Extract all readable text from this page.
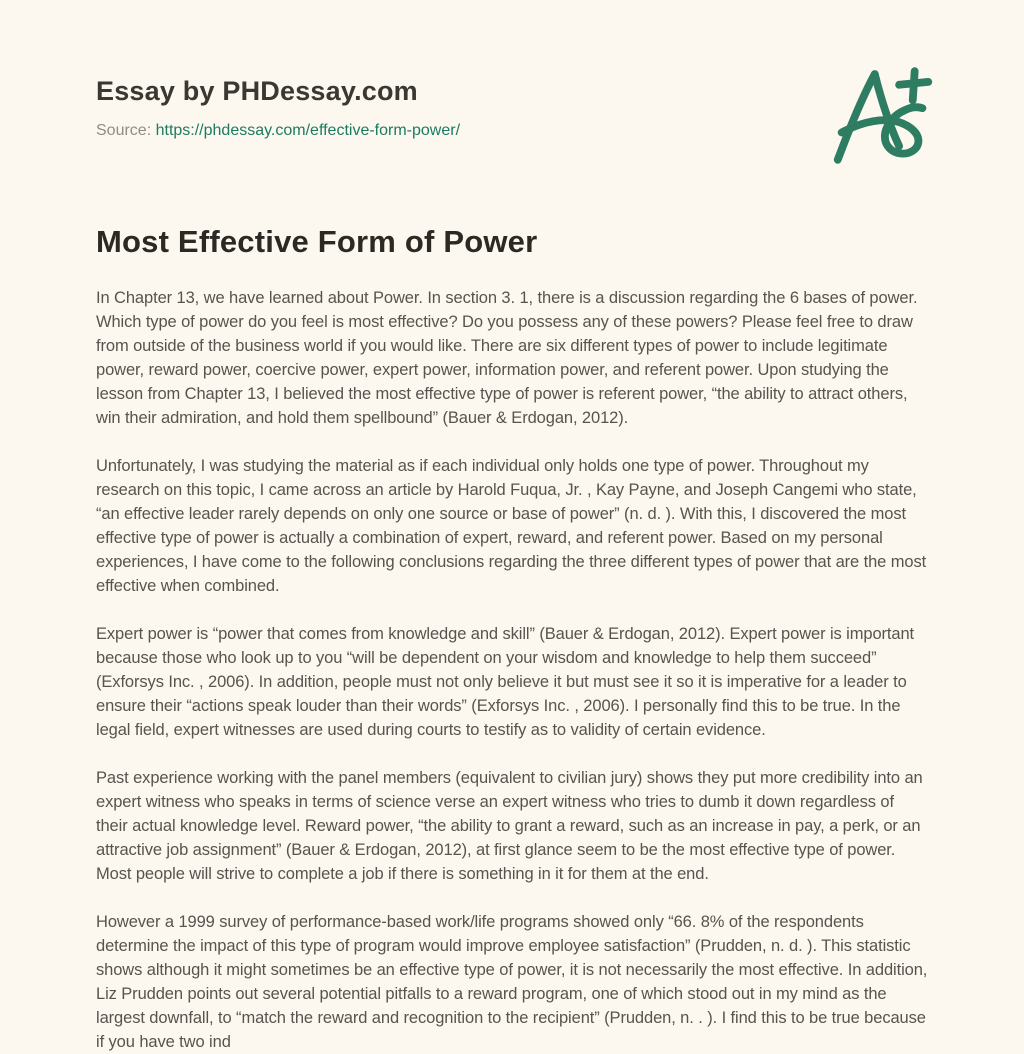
Essay by PHDessay.com
Source: https://phdessay.com/effective-form-power/
Most Effective Form of Power

In Chapter 13, we have learned about Power. In section 3. 1, there is a discussion regarding the 6 bases of power. Which type of power do you feel is most effective? Do you possess any of these powers? Please feel free to draw from outside of the business world if you would like. There are six different types of power to include legitimate power, reward power, coercive power, expert power, information power, and referent power. Upon studying the lesson from Chapter 13, I believed the most effective type of power is referent power, “the ability to attract others, win their admiration, and hold them spellbound” (Bauer & Erdogan, 2012).

Unfortunately, I was studying the material as if each individual only holds one type of power. Throughout my research on this topic, I came across an article by Harold Fuqua, Jr. , Kay Payne, and Joseph Cangemi who state, “an effective leader rarely depends on only one source or base of power” (n. d. ). With this, I discovered the most effective type of power is actually a combination of expert, reward, and referent power. Based on my personal experiences, I have come to the following conclusions regarding the three different types of power that are the most effective when combined.

Expert power is “power that comes from knowledge and skill” (Bauer & Erdogan, 2012). Expert power is important because those who look up to you “will be dependent on your wisdom and knowledge to help them succeed” (Exforsys Inc. , 2006). In addition, people must not only believe it but must see it so it is imperative for a leader to ensure their “actions speak louder than their words” (Exforsys Inc. , 2006). I personally find this to be true. In the legal field, expert witnesses are used during courts to testify as to validity of certain evidence.

Past experience working with the panel members (equivalent to civilian jury) shows they put more credibility into an expert witness who speaks in terms of science verse an expert witness who tries to dumb it down regardless of their actual knowledge level. Reward power, “the ability to grant a reward, such as an increase in pay, a perk, or an attractive job assignment” (Bauer & Erdogan, 2012), at first glance seem to be the most effective type of power. Most people will strive to complete a job if there is something in it for them at the end.

However a 1999 survey of performance-based work/life programs showed only “66. 8% of the respondents determine the impact of this type of program would improve employee satisfaction” (Prudden, n. d. ). This statistic shows although it might sometimes be an effective type of power, it is not necessarily the most effective. In addition, Liz Prudden points out several potential pitfalls to a reward program, one of which stood out in my mind as the largest downfall, to “match the reward and recognition to the recipient” (Prudden, n. . ). I find this to be true because if you have two ind
